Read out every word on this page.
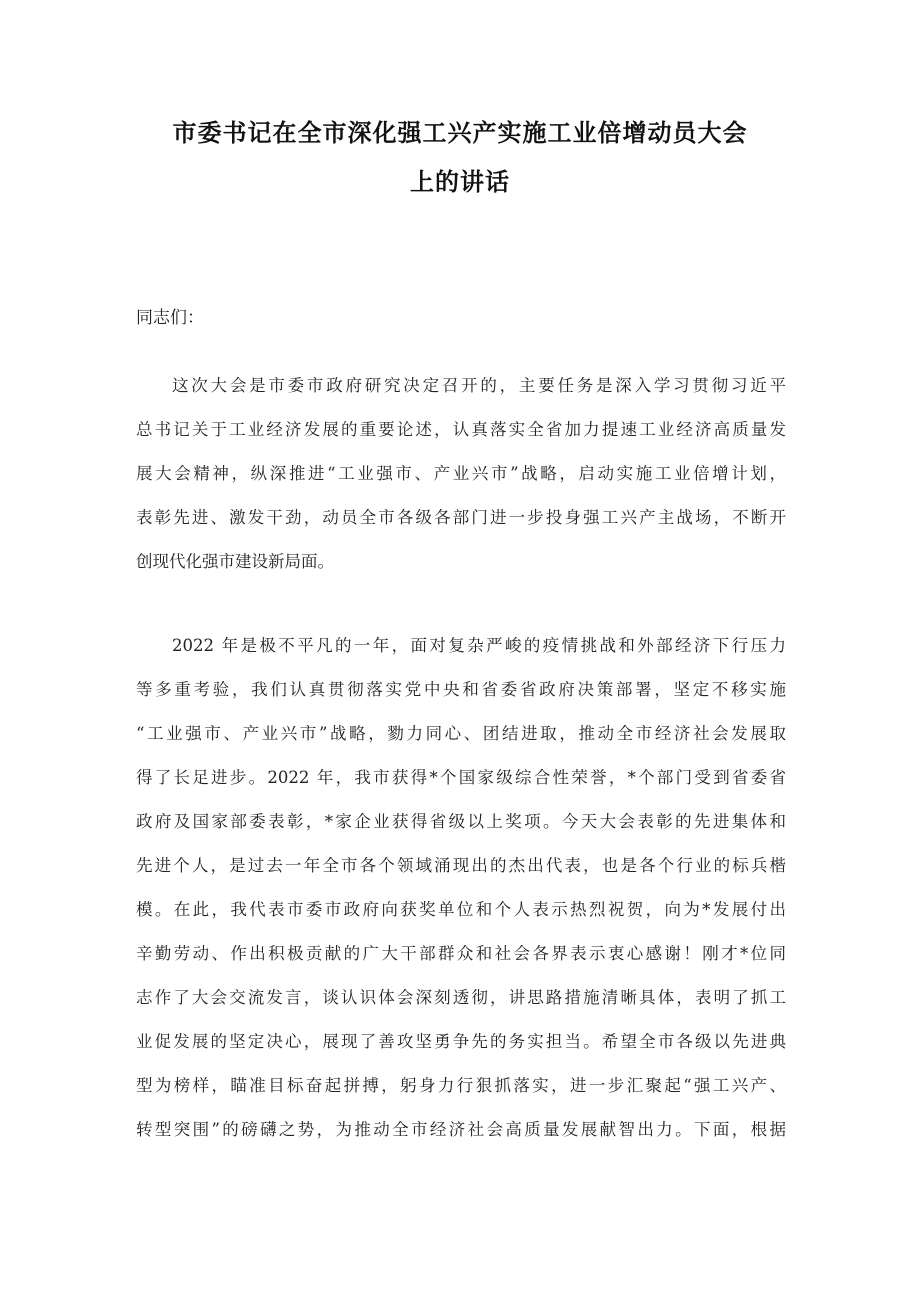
市委书记在全市深化强工兴产实施工业倍增动员大会
上的讲话

同志们：

这次大会是市委市政府研究决定召开的，主要任务是深入学习贯彻习近平
总书记关于工业经济发展的重要论述，认真落实全省加力提速工业经济高质量发
展大会精神，纵深推进“工业强市、产业兴市”战略，启动实施工业倍增计划，
表彰先进、激发干劲，动员全市各级各部门进一步投身强工兴产主战场，不断开
创现代化强市建设新局面。
2022 年是极不平凡的一年，面对复杂严峻的疫情挑战和外部经济下行压力
等多重考验，我们认真贯彻落实党中央和省委省政府决策部署，坚定不移实施
“工业强市、产业兴市”战略，勠力同心、团结进取，推动全市经济社会发展取
得了长足进步。2022 年，我市获得*个国家级综合性荣誉，*个部门受到省委省
政府及国家部委表彰，*家企业获得省级以上奖项。今天大会表彰的先进集体和
先进个人，是过去一年全市各个领域涌现出的杰出代表，也是各个行业的标兵楷
模。在此，我代表市委市政府向获奖单位和个人表示热烈祝贺，向为*发展付出
辛勤劳动、作出积极贡献的广大干部群众和社会各界表示衷心感谢！刚才*位同
志作了大会交流发言，谈认识体会深刻透彻，讲思路措施清晰具体，表明了抓工
业促发展的坚定决心，展现了善攻坚勇争先的务实担当。希望全市各级以先进典
型为榜样，瞄准目标奋起拼搏，躬身力行狠抓落实，进一步汇聚起“强工兴产、
转型突围”的磅礴之势，为推动全市经济社会高质量发展献智出力。下面，根据
